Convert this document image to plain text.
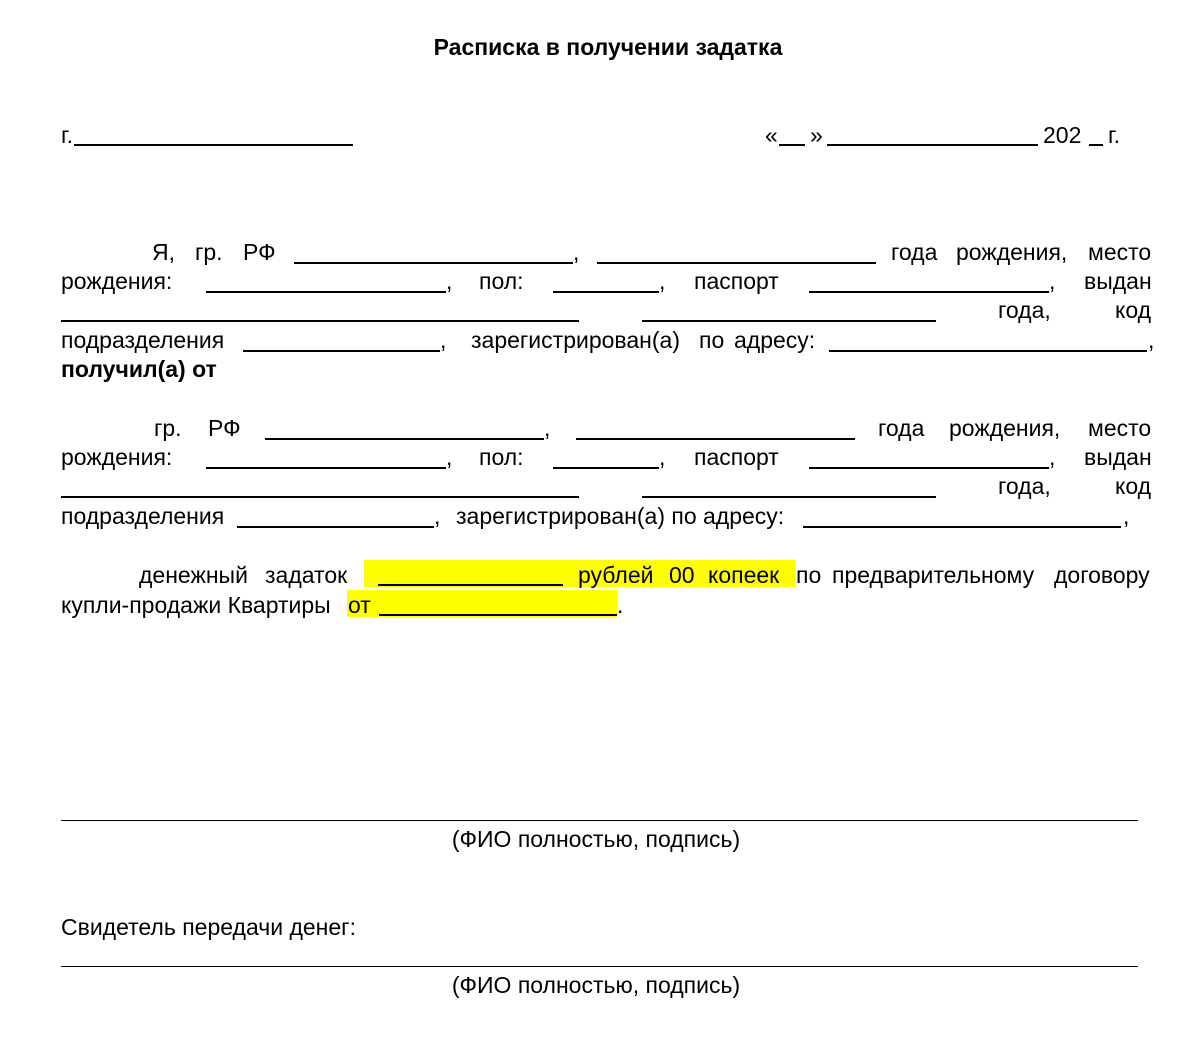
Расписка в получении задатка
г.	« »	202 г.
Я, гр. РФ	,	года рождения, место
рождения:	, пол:	, паспорт	, выдан
года,	код
подразделения	, зарегистрирован(а) по адресу:	,
получил(а) от
гр. РФ	,	года рождения, место
рождения:	, пол:	, паспорт	, выдан
года,	код
подразделения	, зарегистрирован(а) по адресу:	,
денежный задаток	рублей 00 копеек по предварительному договору
купли-продажи Квартиры от	.
(ФИО полностью, подпись)
Свидетель передачи денег:
(ФИО полностью, подпись)
